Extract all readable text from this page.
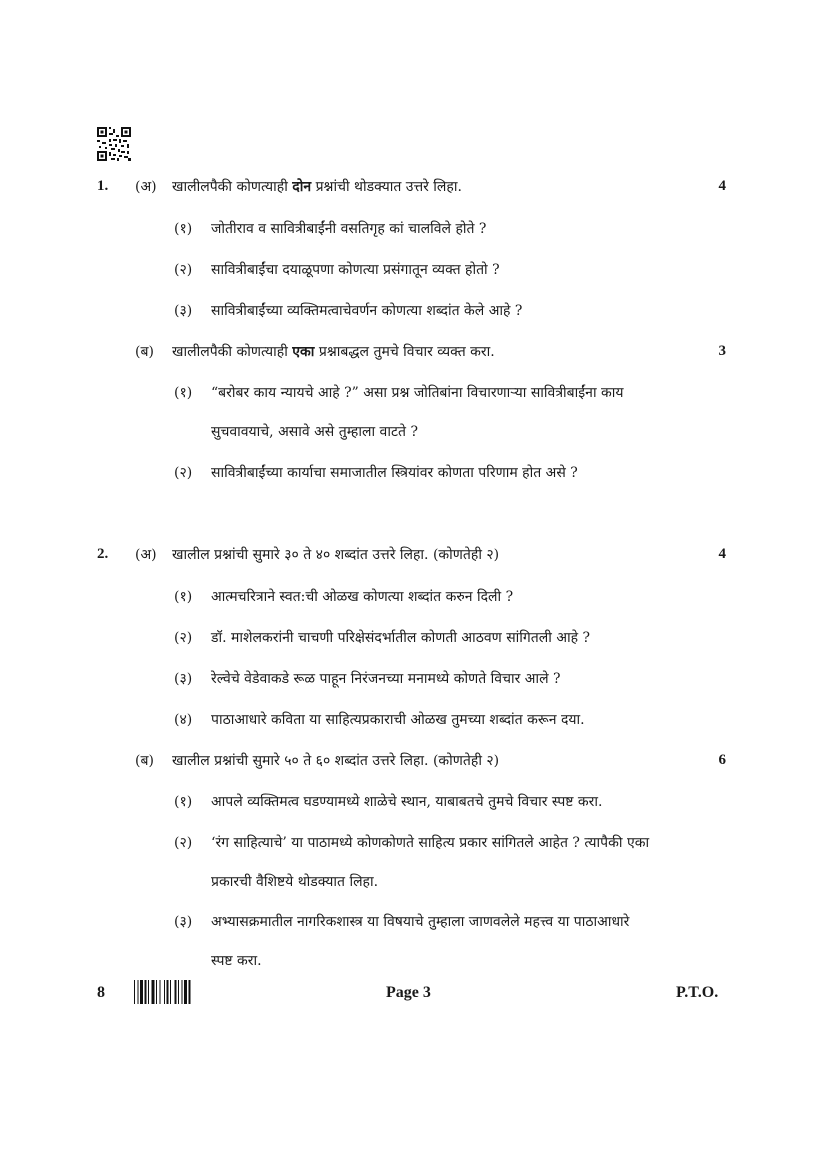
1. (अ) खालीलपैकी कोणत्याही दोन प्रश्नांची थोडक्यात उत्तरे लिहा.	4
(१) जोतीराव व सावित्रीबाईंनी वसतिगृह कां चालविले होते ?
(२) सावित्रीबाईंचा दयाळूपणा कोणत्या प्रसंगातून व्यक्त होतो ?
(३) सावित्रीबाईंच्या व्यक्तिमत्वाचेवर्णन कोणत्या शब्दांत केले आहे ?
(ब) खालीलपैकी कोणत्याही एका प्रश्नाबद्धल तुमचे विचार व्यक्त करा.	3
(१) “बरोबर काय न्यायचे आहे ?” असा प्रश्न जोतिबांना विचारणाऱ्या सावित्रीबाईंना काय
सुचवावयाचे, असावे असे तुम्हाला वाटते ?
(२) सावित्रीबाईंच्या कार्याचा समाजातील स्त्रियांवर कोणता परिणाम होत असे ?
2. (अ) खालील प्रश्नांची सुमारे ३० ते ४० शब्दांत उत्तरे लिहा. (कोणतेही २)	4
(१) आत्मचरित्राने स्वत:ची ओळख कोणत्या शब्दांत करुन दिली ?
(२) डॉ. माशेलकरांनी चाचणी परिक्षेसंदर्भातील कोणती आठवण सांगितली आहे ?
(३) रेल्वेचे वेडेवाकडे रूळ पाहून निरंजनच्या मनामध्ये कोणते विचार आले ?
(४) पाठाआधारे कविता या साहित्यप्रकाराची ओळख तुमच्या शब्दांत करून दया.
(ब) खालील प्रश्नांची सुमारे ५० ते ६० शब्दांत उत्तरे लिहा. (कोणतेही २)	6
(१) आपले व्यक्तिमत्व घडण्यामध्ये शाळेचे स्थान, याबाबतचे तुमचे विचार स्पष्ट करा.
(२) ‘रंग साहित्याचे’ या पाठामध्ये कोणकोणते साहित्य प्रकार सांगितले आहेत ? त्यापैकी एका
प्रकारची वैशिष्टये थोडक्यात लिहा.
(३) अभ्यासक्रमातील नागरिकशास्त्र या विषयाचे तुम्हाला जाणवलेले महत्त्व या पाठाआधारे
स्पष्ट करा.
8	Page 3	P.T.O.
